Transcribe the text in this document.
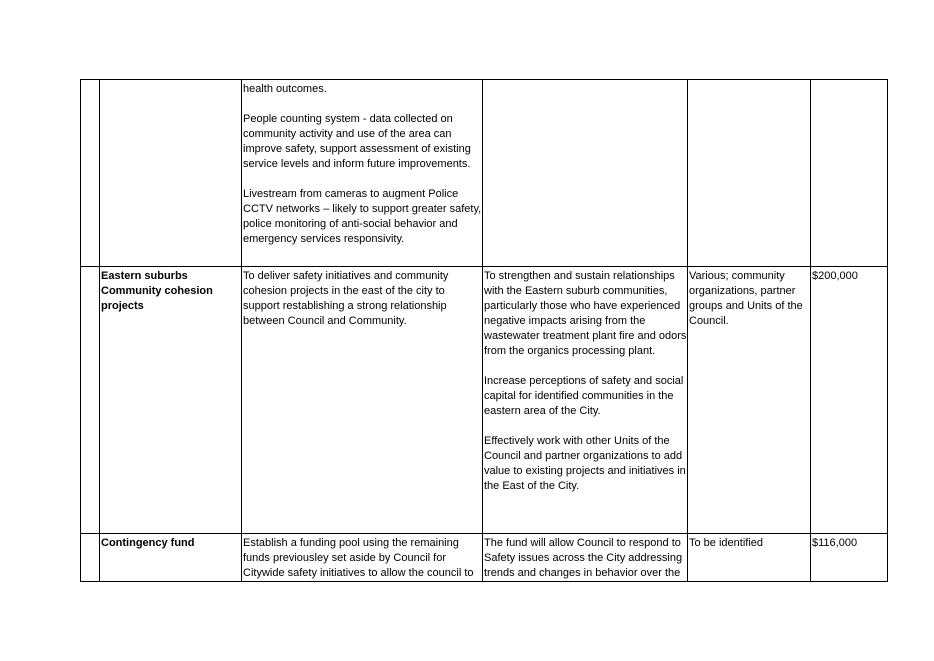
		health outcomes.
People counting system - data collected on community activity and use of the area can improve safety, support assessment of existing service levels and inform future improvements.
Livestream from cameras to augment Police CCTV networks – likely to support greater safety, police monitoring of anti-social behavior and emergency services responsivity.			

	Eastern suburbs Community cohesion projects	To deliver safety initiatives and community cohesion projects in the east of the city to support restablishing a strong relationship between Council and Community.	To strengthen and sustain relationships with the Eastern suburb communities, particularly those who have experienced negative impacts arising from the wastewater treatment plant fire and odors from the organics processing plant.
Increase perceptions of safety and social capital for identified communities in the eastern area of the City.
Effectively work with other Units of the Council and partner organizations to add value to existing projects and initiatives in the East of the City.	Various; community organizations, partner groups and Units of the Council.	$200,000
	Contingency fund	Establish a funding pool using the remaining funds previousley set aside by Council for Citywide safety initiatives to allow the council to	The fund will allow Council to respond to Safety issues across the City addressing trends and changes in behavior over the	To be identified	$116,000
